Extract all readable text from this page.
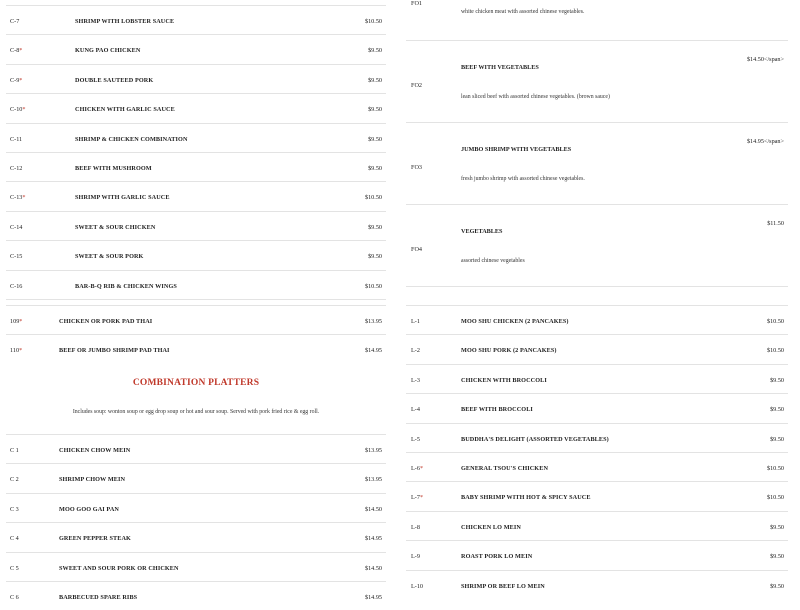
C-7	SHRIMP WITH LOBSTER SAUCE	$10.50
C-8*	KUNG PAO CHICKEN	$9.50
C-9*	DOUBLE SAUTEED PORK	$9.50
C-10*	CHICKEN WITH GARLIC SAUCE	$9.50
C-11	SHRIMP & CHICKEN COMBINATION	$9.50
C-12	BEEF WITH MUSHROOM	$9.50
C-13*	SHRIMP WITH GARLIC SAUCE	$10.50
C-14	SWEET & SOUR CHICKEN	$9.50
C-15	SWEET & SOUR PORK	$9.50
C-16	BAR-B-Q RIB & CHICKEN WINGS	$10.50
109*	CHICKEN OR PORK PAD THAI	$13.95
110*	BEEF OR JUMBO SHRIMP PAD THAI	$14.95
COMBINATION PLATTERS
Includes soup: wonton soup or egg drop soup or hot and sour soup. Served with pork fried rice & egg roll.
C 1	CHICKEN CHOW MEIN	$13.95
C 2	SHRIMP CHOW MEIN	$13.95
C 3	MOO GOO GAI PAN	$14.50
C 4	GREEN PEPPER STEAK	$14.95
C 5	SWEET AND SOUR PORK OR CHICKEN	$14.50
C 6	BARBECUED SPARE RIBS	$14.95
FO1
white chicken meat with assorted chinese vegetables.
FO2
BEEF WITH VEGETABLES
lean sliced beef with assorted chinese vegetables. (brown sauce)
$14.50</span>
FO3
JUMBO SHRIMP WITH VEGETABLES
fresh jumbo shrimp with assorted chinese vegetables.
$14.95</span>
FO4
VEGETABLES
assorted chinese vegetables
$11.50
L-1	MOO SHU CHICKEN (2 PANCAKES)	$10.50
L-2	MOO SHU PORK (2 PANCAKES)	$10.50
L-3	CHICKEN WITH BROCCOLI	$9.50
L-4	BEEF WITH BROCCOLI	$9.50
L-5	BUDDHA'S DELIGHT (ASSORTED VEGETABLES)	$9.50
L-6*	GENERAL TSOU'S CHICKEN	$10.50
L-7*	BABY SHRIMP WITH HOT & SPICY SAUCE	$10.50
L-8	CHICKEN LO MEIN	$9.50
L-9	ROAST PORK LO MEIN	$9.50
L-10	SHRIMP OR BEEF LO MEIN	$9.50
